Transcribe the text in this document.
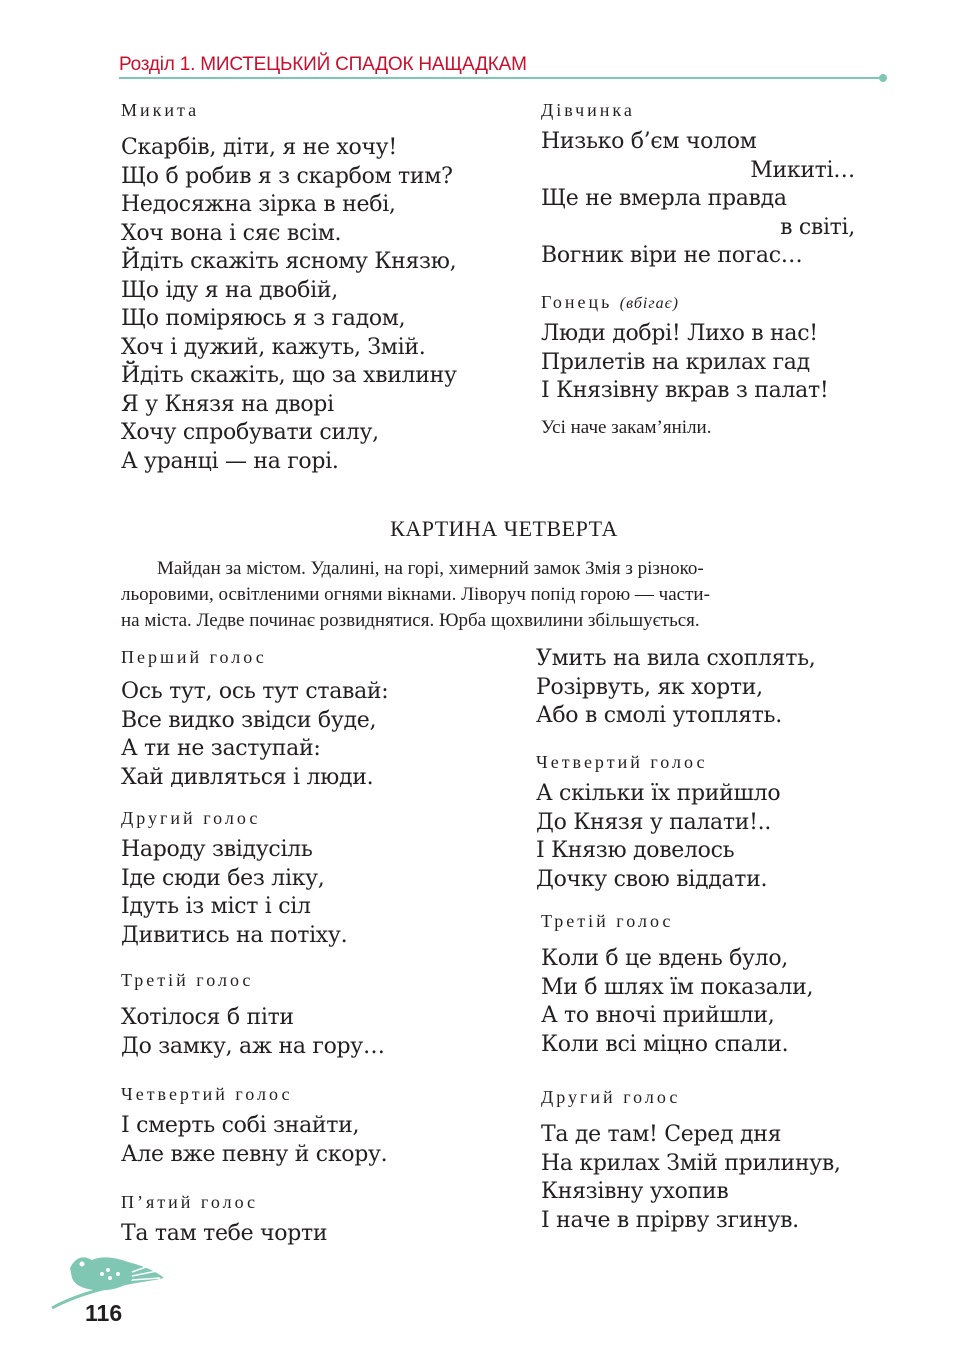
Розділ 1. МИСТЕЦЬКИЙ СПАДОК НАЩАДКАМ
Микита
Скарбів, діти, я не хочу!
Що б робив я з скарбом тим?
Недосяжна зірка в небі,
Хоч вона і сяє всім.
Йдіть скажіть ясному Князю,
Що іду я на двобій,
Що поміряюсь я з гадом,
Хоч і дужий, кажуть, Змій.
Йдіть скажіть, що за хвилину
Я у Князя на дворі
Хочу спробувати силу,
А уранці — на горі.
Дівчинка
Низько б’єм чолом
Микиті…
Ще не вмерла правда
в світі,
Вогник віри не погас…
Гонець (вбігає)
Люди добрі! Лихо в нас!
Прилетів на крилах гад
І Князівну вкрав з палат!
Усі наче закам’яніли.
КАРТИНА ЧЕТВЕРТА
Майдан за містом. Удалині, на горі, химерний замок Змія з різноко-
льоровими, освітленими огнями вікнами. Ліворуч попід горою — части-
на міста. Ледве починає розвиднятися. Юрба щохвилини збільшується.
Перший голос
Ось тут, ось тут ставай:
Все видко звідси буде,
А ти не заступай:
Хай дивляться і люди.
Другий голос
Народу звідусіль
Іде сюди без ліку,
Ідуть із міст і сіл
Дивитись на потіху.
Третій голос
Хотілося б піти
До замку, аж на гору…
Четвертий голос
І смерть собі знайти,
Але вже певну й скору.
П’ятий голос
Та там тебе чорти
Умить на вила схоплять,
Розірвуть, як хорти,
Або в смолі утоплять.
Четвертий голос
А скільки їх прийшло
До Князя у палати!..
І Князю довелось
Дочку свою віддати.
Третій голос
Коли б це вдень було,
Ми б шлях їм показали,
А то вночі прийшли,
Коли всі міцно спали.
Другий голос
Та де там! Серед дня
На крилах Змій прилинув,
Князівну ухопив
І наче в прірву згинув.
116
